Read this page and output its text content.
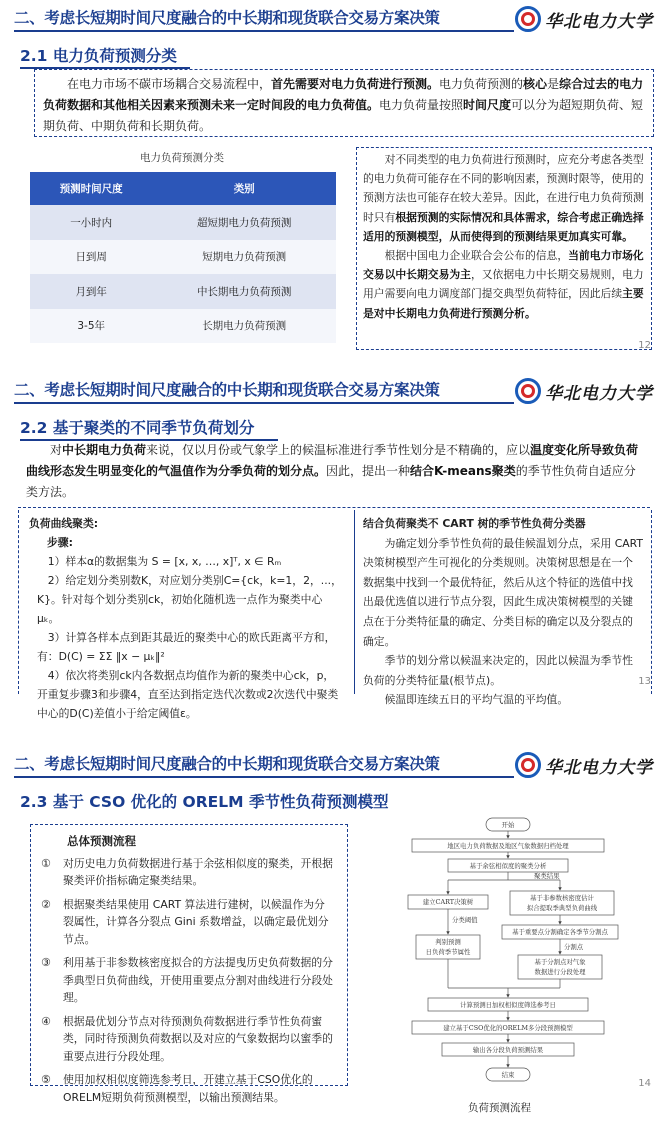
二、考虑长短期时间尺度融合的中长期和现货联合交易方案决策	华北电力大学
2.1 电力负荷预测分类

在电力市场不碳市场耦合交易流程中，首先需要对电力负荷进行预测。电力负荷预测的核心是综合过去的电力负荷数据和其他相关因素来预测未来一定时间段的电力负荷值。电力负荷量按照时间尺度可以分为超短期负荷、短期负荷、中期负荷和长期负荷。

电力负荷预测分类
预测时间尺度	类别
一小时内	超短期电力负荷预测
日到周	短期电力负荷预测
月到年	中长期电力负荷预测
3-5年	长期电力负荷预测

对不同类型的电力负荷进行预测时，应充分考虑各类型的电力负荷可能存在不同的影响因素，预测时限等，使用的预测方法也可能存在较大差异。因此，在进行电力负荷预测时只有根据预测的实际情况和具体需求，综合考虑正确选择适用的预测模型，从而使得到的预测结果更加真实可靠。

根据中国电力企业联合会公布的信息，当前电力市场化交易以中长期交易为主，又依据电力中长期交易规则，电力用户需要向电力调度部门提交典型负荷特征，因此后续主要是对中长期电力负荷进行预测分析。

12
二、考虑长短期时间尺度融合的中长期和现货联合交易方案决策	华北电力大学
2.2 基于聚类的不同季节负荷划分

对中长期电力负荷来说，仅以月份或气象学上的候温标准进行季节性划分是不精确的，应以温度变化所导致负荷曲线形态发生明显变化的气温值作为分季负荷的划分点。因此，提出一种结合K-means聚类的季节性负荷自适应分类方法。

负荷曲线聚类:
步骤:
1）样本α的数据集为 S = [x, x, …, x]ᵀ, x ∈ Rₘ
2）给定划分类别数K，对应划分类别C={ck，k=1，2，...，K}。针对每个划分类别ck，初始化随机选一点作为聚类中心 μₖ。
3）计算各样本点到距其最近的聚类中心的欧氏距离平方和，有：D(C) = ΣΣ ‖x − μₖ‖²
4）依次将类别ck内各数据点均值作为新的聚类中心ck，p，开重复步骤3和步骤4，直至达到指定迭代次数或2次迭代中聚类中心的D(C)差值小于给定阈值ε。
结合负荷聚类不 CART 树的季节性负荷分类器

为确定划分季节性负荷的最佳候温划分点，采用 CART 决策树模型产生可视化的分类规则。决策树思想是在一个数据集中找到一个最优特征，然后从这个特征的选值中找出最优选值以进行节点分裂，因此生成决策树模型的关键点在于分类特征量的确定、分类目标的确定以及分裂点的确定。

季节的划分常以候温来决定的，因此以候温为季节性负荷的分类特征量(根节点)。

候温即连续五日的平均气温的平均值。

13
二、考虑长短期时间尺度融合的中长期和现货联合交易方案决策	华北电力大学
2.3 基于 CSO 优化的 ORELM 季节性负荷预测模型
总体预测流程
①	对历史电力负荷数据进行基于余弦相似度的聚类，开根据聚类评价指标确定聚类结果。
②	根据聚类结果使用 CART 算法进行建树，以候温作为分裂属性，计算各分裂点 Gini 系数增益，以确定最优划分节点。
③	利用基于非参数核密度拟合的方法提曳历史负荷数据的分季典型日负荷曲线，开使用重要点分割对曲线进行分段处理。
④	根据最优划分节点对待预测负荷数据进行季节性负荷蜜类，同时待预测负荷数据以及对应的气象数据均以蜜季的重要点进行分段处理。
⑤	使用加权相似度筛选参考日，开建立基于CSO优化的ORELM短期负荷预测模型，以输出预测结果。
开始
地区电力负荷数据及地区气象数据归档处理
基于余弦相似度的聚类分析
聚类结果
建立CART决策树	基于非参数核密度估计
拟合提取季典型负荷曲线
分类阈值
判别预测
日负荷季节属性
基于重要点分割确定各季节分割点
分割点
基于分割点对气象
数据进行分段处理
计算预测日加权相似度筛选参考日
建立基于CSO优化的ORELM多分段预测模型
输出各分段负荷预测结果
结束
负荷预测流程
14
